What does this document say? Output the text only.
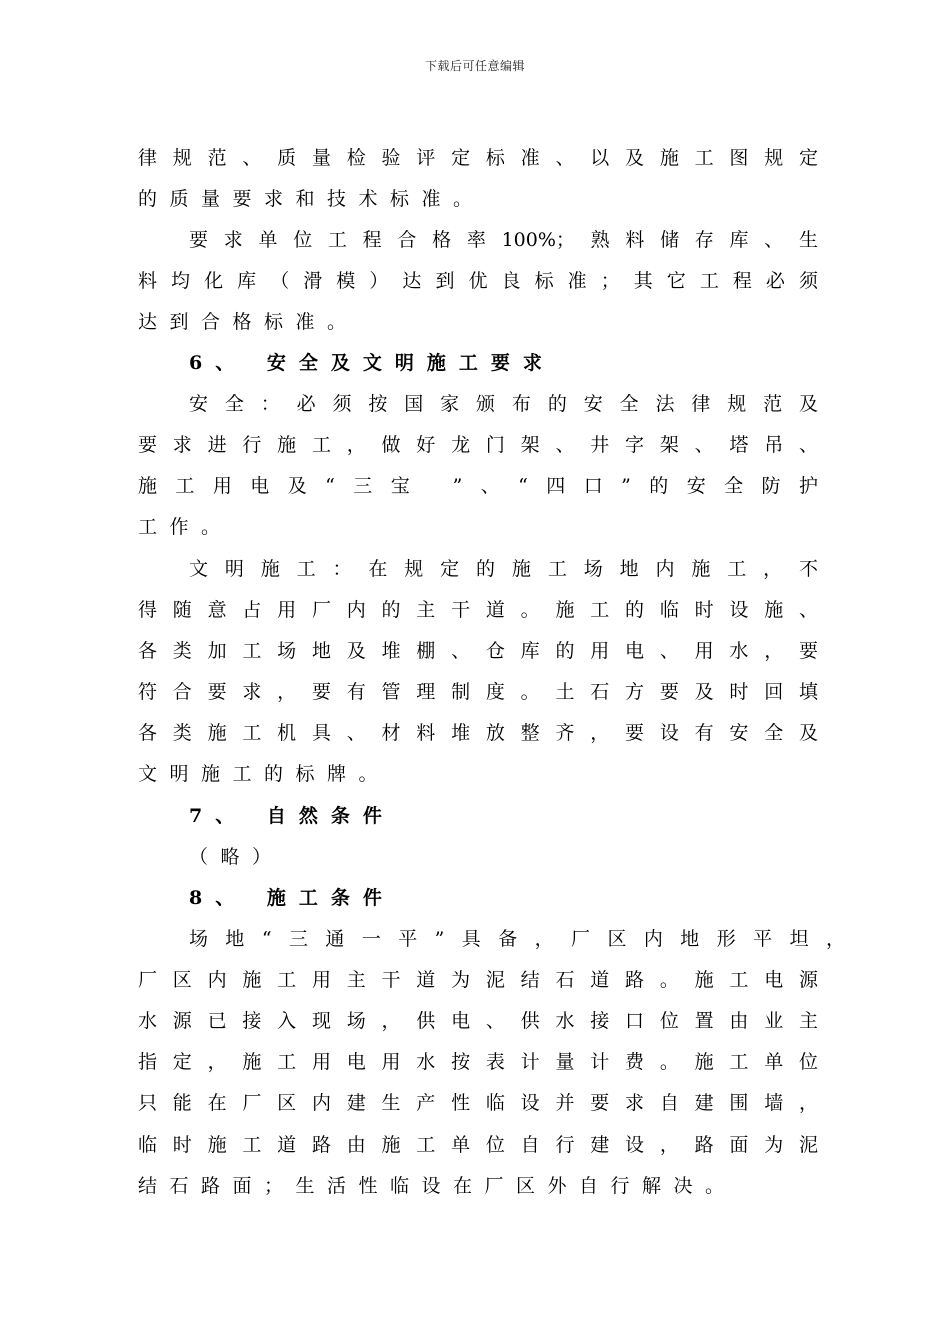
下载后可任意编辑
律规范、质量检验评定标准、以及施工图规定
的质量要求和技术标准。
要求单位工程合格率100%；熟料储存库、生
料均化库（滑模）达到优良标准；其它工程必须
达到合格标准。
6、 安全及文明施工要求
安全：必须按国家颁布的安全法律规范及
要求进行施工，做好龙门架、井字架、塔吊、
施工用电及“三宝 ”、“四口”的安全防护
工作。
文明施工：在规定的施工场地内施工，不
得随意占用厂内的主干道。施工的临时设施、
各类加工场地及堆棚、仓库的用电、用水，要
符合要求，要有管理制度。土石方要及时回填
各类施工机具、材料堆放整齐，要设有安全及
文明施工的标牌。
7、 自然条件
（略）
8、 施工条件
场地“三通一平”具备，厂区内地形平坦，
厂区内施工用主干道为泥结石道路。施工电源
水源已接入现场，供电、供水接口位置由业主
指定，施工用电用水按表计量计费。施工单位
只能在厂区内建生产性临设并要求自建围墙，
临时施工道路由施工单位自行建设，路面为泥
结石路面；生活性临设在厂区外自行解决。
